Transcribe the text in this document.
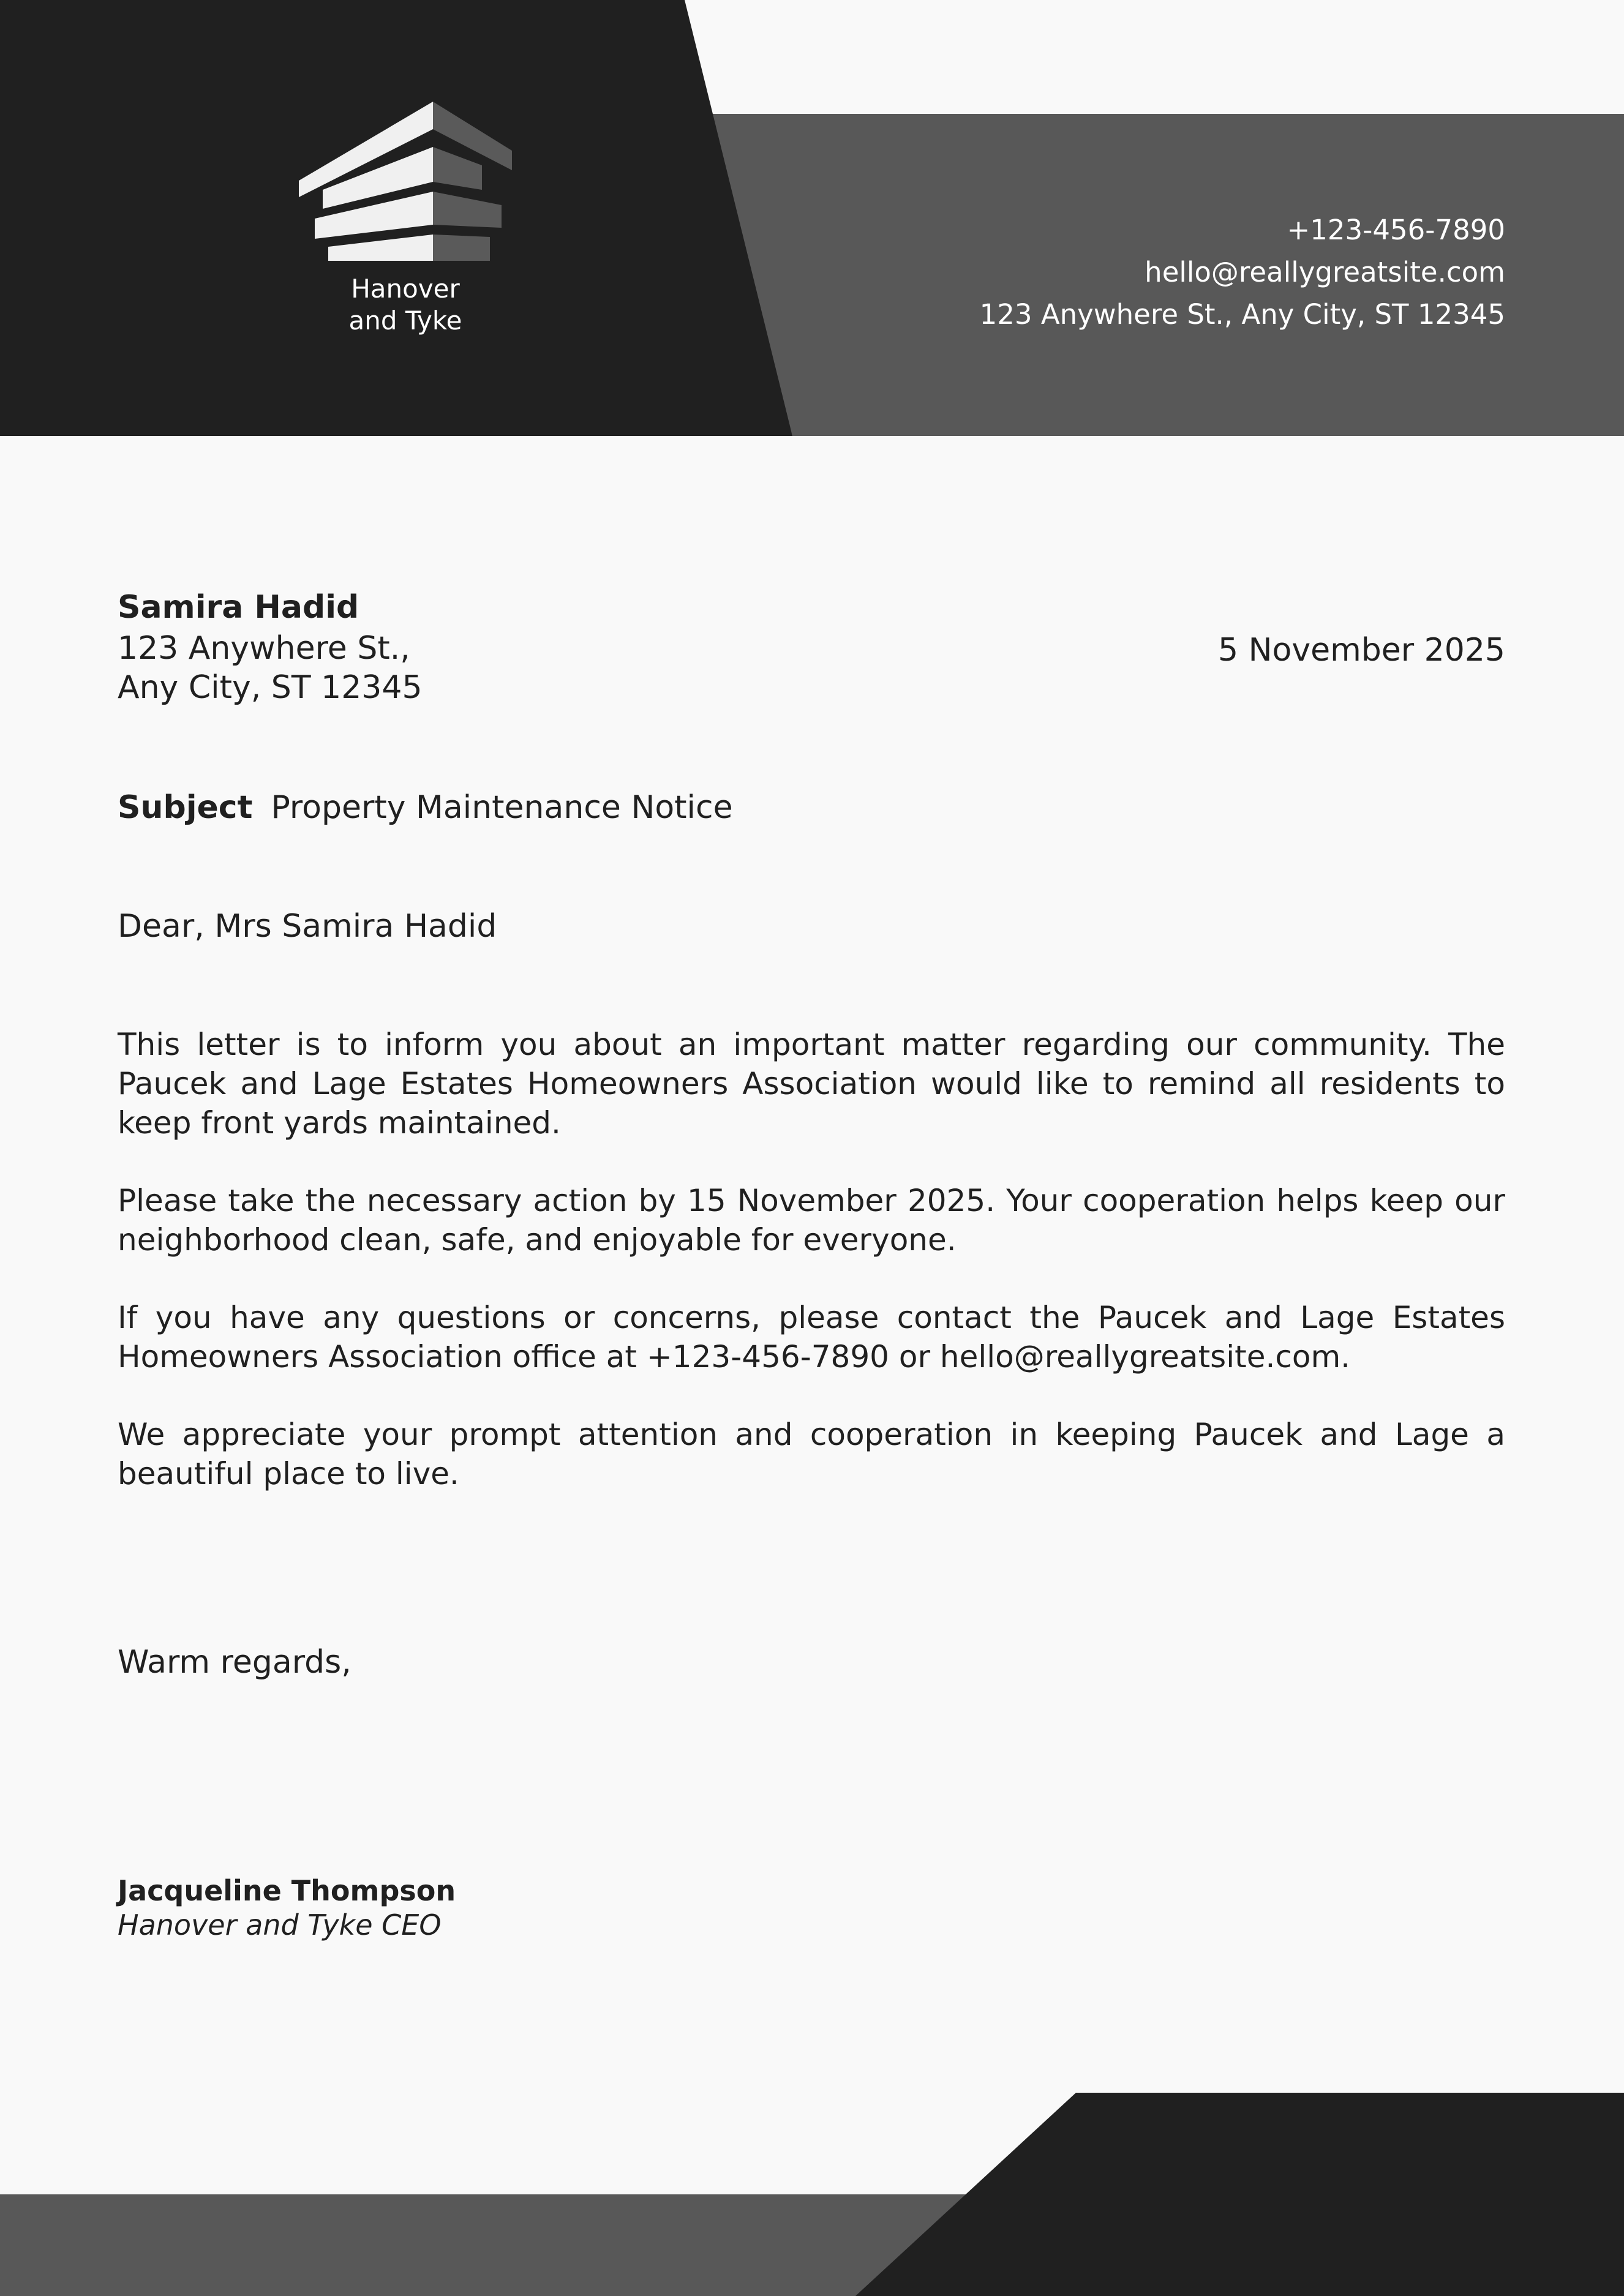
Hanover
and Tyke
+123-456-7890
hello@reallygreatsite.com
123 Anywhere St., Any City, ST 12345
Samira Hadid
123 Anywhere St.,
Any City, ST 12345
5 November 2025
Subject Property Maintenance Notice
Dear, Mrs Samira Hadid

This letter is to inform you about an important matter regarding our community. The Paucek and Lage Estates Homeowners Association would like to remind all residents to keep front yards maintained.

Please take the necessary action by 15 November 2025. Your cooperation helps keep our neighborhood clean, safe, and enjoyable for everyone.

If you have any questions or concerns, please contact the Paucek and Lage Estates Homeowners Association office at +123-456-7890 or hello@reallygreatsite.com.

We appreciate your prompt attention and cooperation in keeping Paucek and Lage a beautiful place to live.

Warm regards,
Jacqueline Thompson
Hanover and Tyke CEO
